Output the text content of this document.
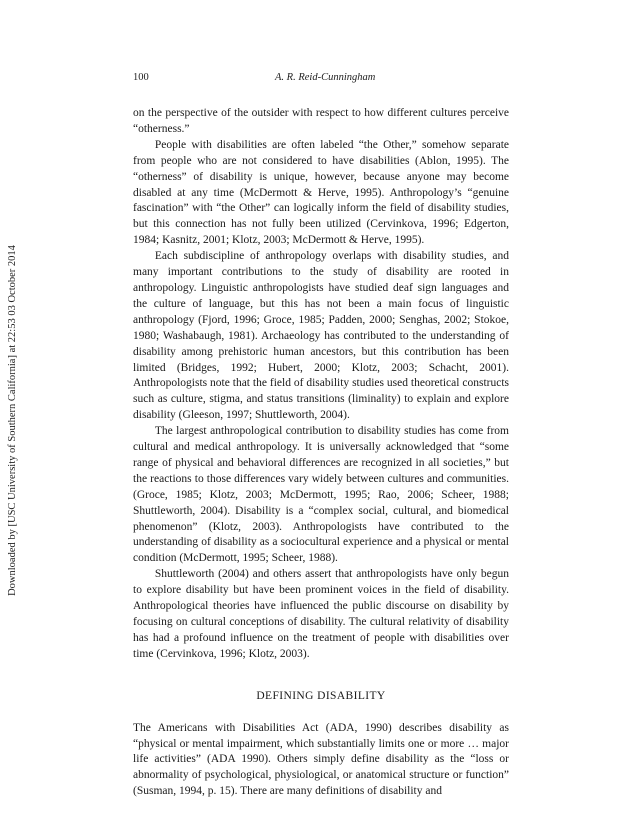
Downloaded by [USC University of Southern California] at 22:53 03 October 2014
100	A. R. Reid-Cunningham

on the perspective of the outsider with respect to how different cultures perceive “otherness.”

People with disabilities are often labeled “the Other,” somehow separate from people who are not considered to have disabilities (Ablon, 1995). The “otherness” of disability is unique, however, because anyone may become disabled at any time (McDermott & Herve, 1995). Anthropology’s “genuine fascination” with “the Other” can logically inform the field of disability studies, but this connection has not fully been utilized (Cervinkova, 1996; Edgerton, 1984; Kasnitz, 2001; Klotz, 2003; McDermott & Herve, 1995).

Each subdiscipline of anthropology overlaps with disability studies, and many important contributions to the study of disability are rooted in anthropology. Linguistic anthropologists have studied deaf sign languages and the culture of language, but this has not been a main focus of linguistic anthropology (Fjord, 1996; Groce, 1985; Padden, 2000; Senghas, 2002; Stokoe, 1980; Washabaugh, 1981). Archaeology has contributed to the understanding of disability among prehistoric human ancestors, but this contribution has been limited (Bridges, 1992; Hubert, 2000; Klotz, 2003; Schacht, 2001). Anthropologists note that the field of disability studies used theoretical constructs such as culture, stigma, and status transitions (liminality) to explain and explore disability (Gleeson, 1997; Shuttleworth, 2004).

The largest anthropological contribution to disability studies has come from cultural and medical anthropology. It is universally acknowledged that “some range of physical and behavioral differences are recognized in all societies,” but the reactions to those differences vary widely between cultures and communities. (Groce, 1985; Klotz, 2003; McDermott, 1995; Rao, 2006; Scheer, 1988; Shuttleworth, 2004). Disability is a “complex social, cultural, and biomedical phenomenon” (Klotz, 2003). Anthropologists have contributed to the understanding of disability as a sociocultural experience and a physical or mental condition (McDermott, 1995; Scheer, 1988).

Shuttleworth (2004) and others assert that anthropologists have only begun to explore disability but have been prominent voices in the field of disability. Anthropological theories have influenced the public discourse on disability by focusing on cultural conceptions of disability. The cultural relativity of disability has had a profound influence on the treatment of people with disabilities over time (Cervinkova, 1996; Klotz, 2003).

DEFINING DISABILITY

The Americans with Disabilities Act (ADA, 1990) describes disability as “physical or mental impairment, which substantially limits one or more … major life activities” (ADA 1990). Others simply define disability as the “loss or abnormality of psychological, physiological, or anatomical structure or function” (Susman, 1994, p. 15). There are many definitions of disability and
